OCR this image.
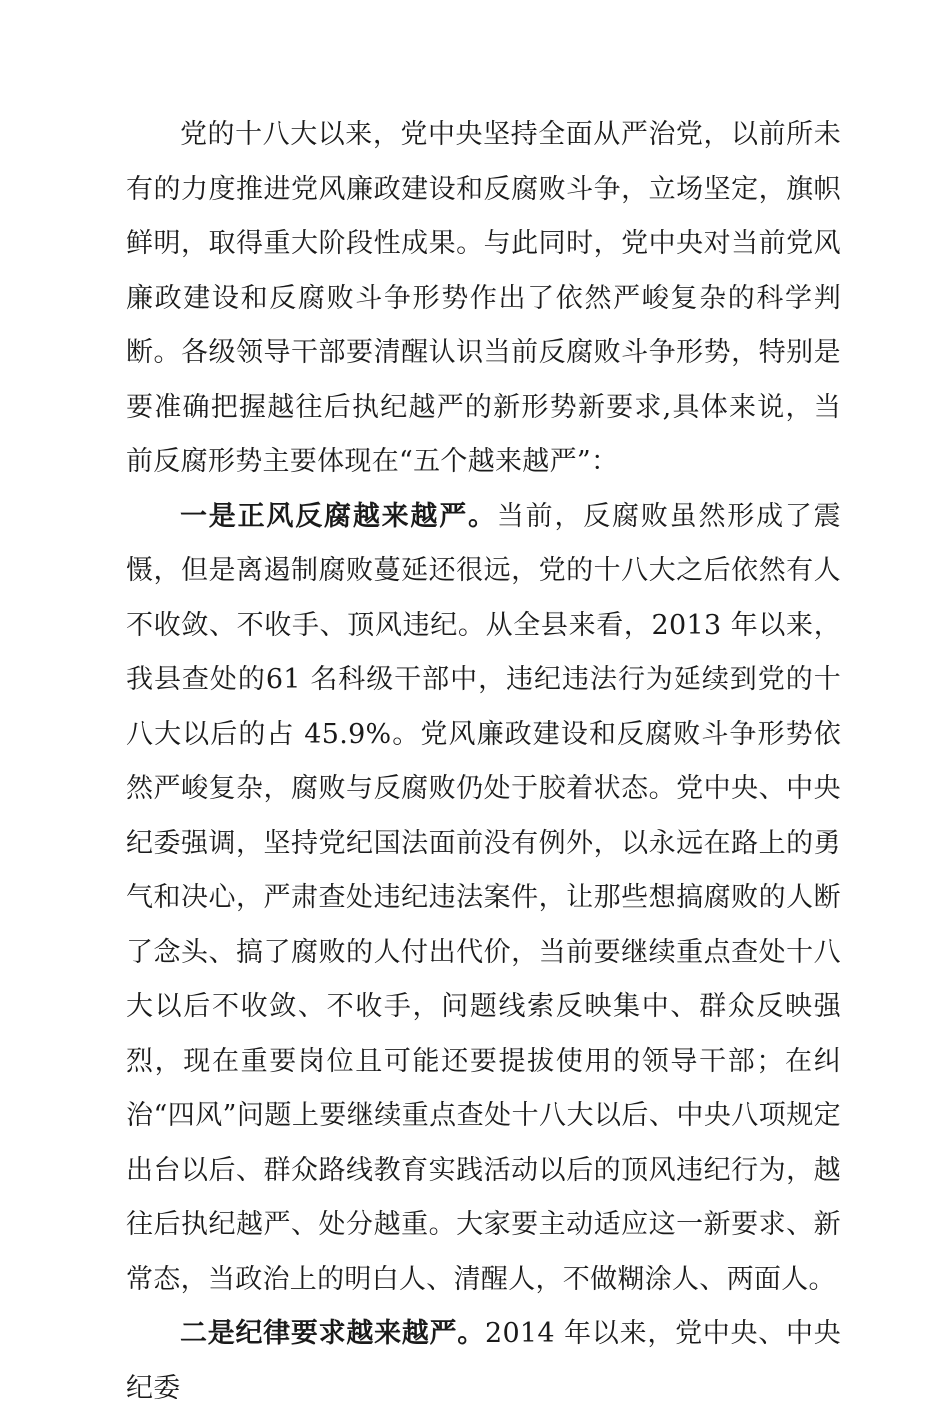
党的十八大以来，党中央坚持全面从严治党，以前所未有的力度推进党风廉政建设和反腐败斗争，立场坚定，旗帜鲜明，取得重大阶段性成果。与此同时，党中央对当前党风廉政建设和反腐败斗争形势作出了依然严峻复杂的科学判断。各级领导干部要清醒认识当前反腐败斗争形势，特别是要准确把握越往后执纪越严的新形势新要求,具体来说，当前反腐形势主要体现在“五个越来越严”：

一是正风反腐越来越严。当前，反腐败虽然形成了震慑，但是离遏制腐败蔓延还很远，党的十八大之后依然有人不收敛、不收手、顶风违纪。从全县来看，2013 年以来，我县查处的61 名科级干部中，违纪违法行为延续到党的十八大以后的占 45.9%。党风廉政建设和反腐败斗争形势依然严峻复杂，腐败与反腐败仍处于胶着状态。党中央、中央纪委强调，坚持党纪国法面前没有例外，以永远在路上的勇气和决心，严肃查处违纪违法案件，让那些想搞腐败的人断了念头、搞了腐败的人付出代价，当前要继续重点查处十八大以后不收敛、不收手，问题线索反映集中、群众反映强烈，现在重要岗位且可能还要提拔使用的领导干部；在纠治“四风”问题上要继续重点查处十八大以后、中央八项规定出台以后、群众路线教育实践活动以后的顶风违纪行为，越往后执纪越严、处分越重。大家要主动适应这一新要求、新常态，当政治上的明白人、清醒人，不做糊涂人、两面人。

二是纪律要求越来越严。2014 年以来，党中央、中央纪委
